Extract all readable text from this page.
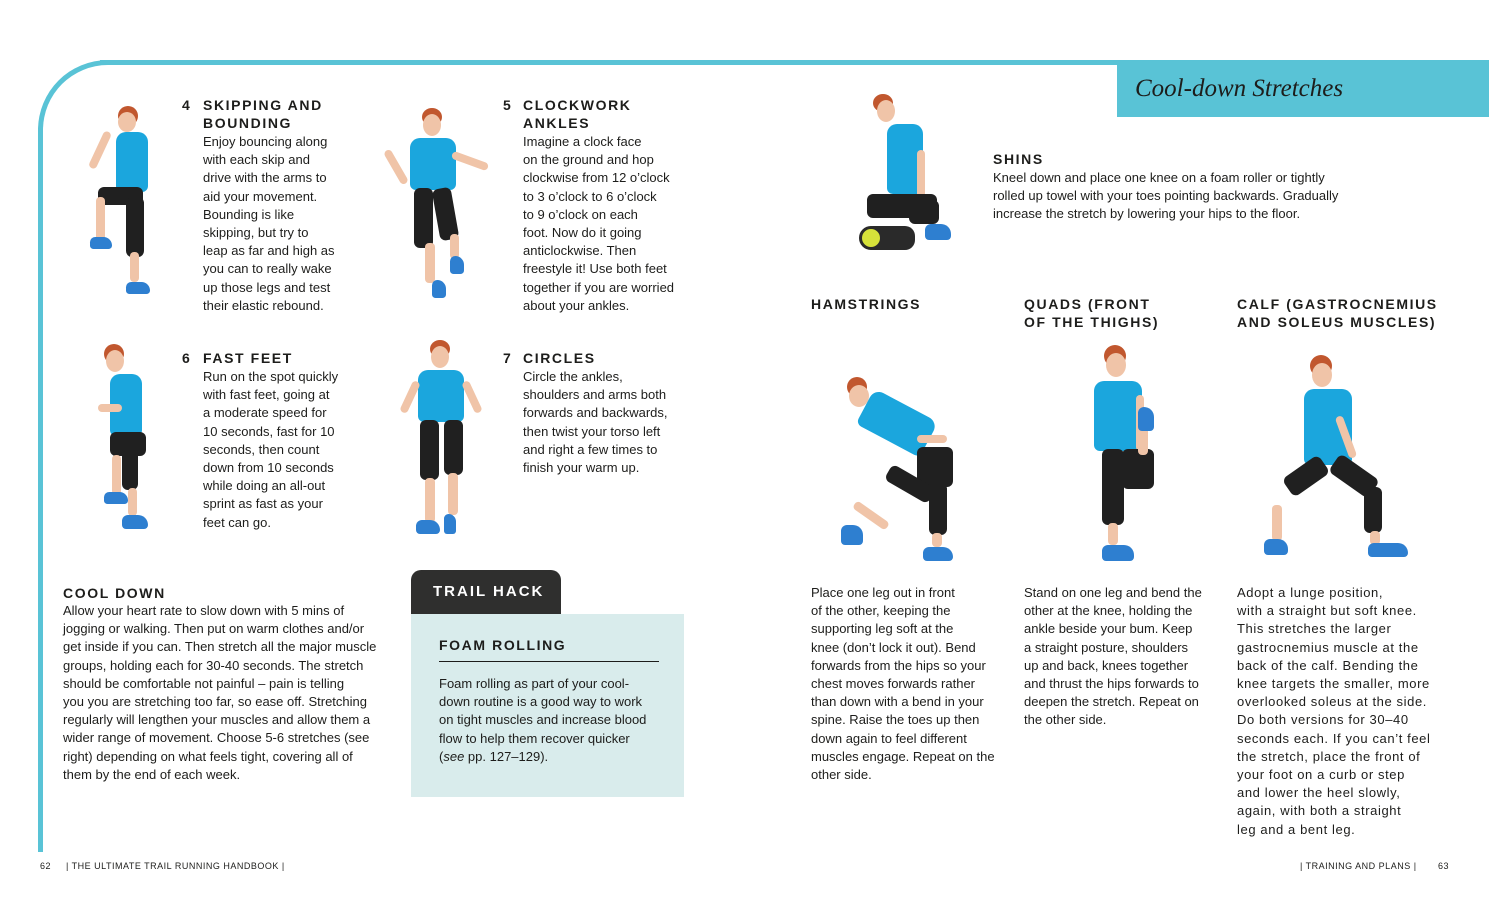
Cool-down Stretches
4 SKIPPING AND
BOUNDING
Enjoy bouncing along
with each skip and
drive with the arms to
aid your movement.
Bounding is like
skipping, but try to
leap as far and high as
you can to really wake
up those legs and test
their elastic rebound.
5 CLOCKWORK
ANKLES
Imagine a clock face
on the ground and hop
clockwise from 12 o’clock
to 3 o’clock to 6 o’clock
to 9 o’clock on each
foot. Now do it going
anticlockwise. Then
freestyle it! Use both feet
together if you are worried
about your ankles.
6 FAST FEET
Run on the spot quickly
with fast feet, going at
a moderate speed for
10 seconds, fast for 10
seconds, then count
down from 10 seconds
while doing an all-out
sprint as fast as your
feet can go.
7 CIRCLES
Circle the ankles,
shoulders and arms both
forwards and backwards,
then twist your torso left
and right a few times to
finish your warm up.
COOL DOWN
Allow your heart rate to slow down with 5 mins of
jogging or walking. Then put on warm clothes and/or
get inside if you can. Then stretch all the major muscle
groups, holding each for 30-40 seconds. The stretch
should be comfortable not painful – pain is telling
you you are stretching too far, so ease off. Stretching
regularly will lengthen your muscles and allow them a
wider range of movement. Choose 5-6 stretches (see
right) depending on what feels tight, covering all of
them by the end of each week.
TRAIL HACK
FOAM ROLLING
Foam rolling as part of your cool-
down routine is a good way to work
on tight muscles and increase blood
flow to help them recover quicker
(see pp. 127–129).
SHINS
Kneel down and place one knee on a foam roller or tightly
rolled up towel with your toes pointing backwards. Gradually
increase the stretch by lowering your hips to the floor.
HAMSTRINGS
Place one leg out in front
of the other, keeping the
supporting leg soft at the
knee (don’t lock it out). Bend
forwards from the hips so your
chest moves forwards rather
than down with a bend in your
spine. Raise the toes up then
down again to feel different
muscles engage. Repeat on the
other side.
QUADS (FRONT
OF THE THIGHS)
Stand on one leg and bend the
other at the knee, holding the
ankle beside your bum. Keep
a straight posture, shoulders
up and back, knees together
and thrust the hips forwards to
deepen the stretch. Repeat on
the other side.
CALF (GASTROCNEMIUS
AND SOLEUS MUSCLES)
Adopt a lunge position,
with a straight but soft knee.
This stretches the larger
gastrocnemius muscle at the
back of the calf. Bending the
knee targets the smaller, more
overlooked soleus at the side.
Do both versions for 30–40
seconds each. If you can’t feel
the stretch, place the front of
your foot on a curb or step
and lower the heel slowly,
again, with both a straight
leg and a bent leg.
62 | THE ULTIMATE TRAIL RUNNING HANDBOOK |	| TRAINING AND PLANS | 63
